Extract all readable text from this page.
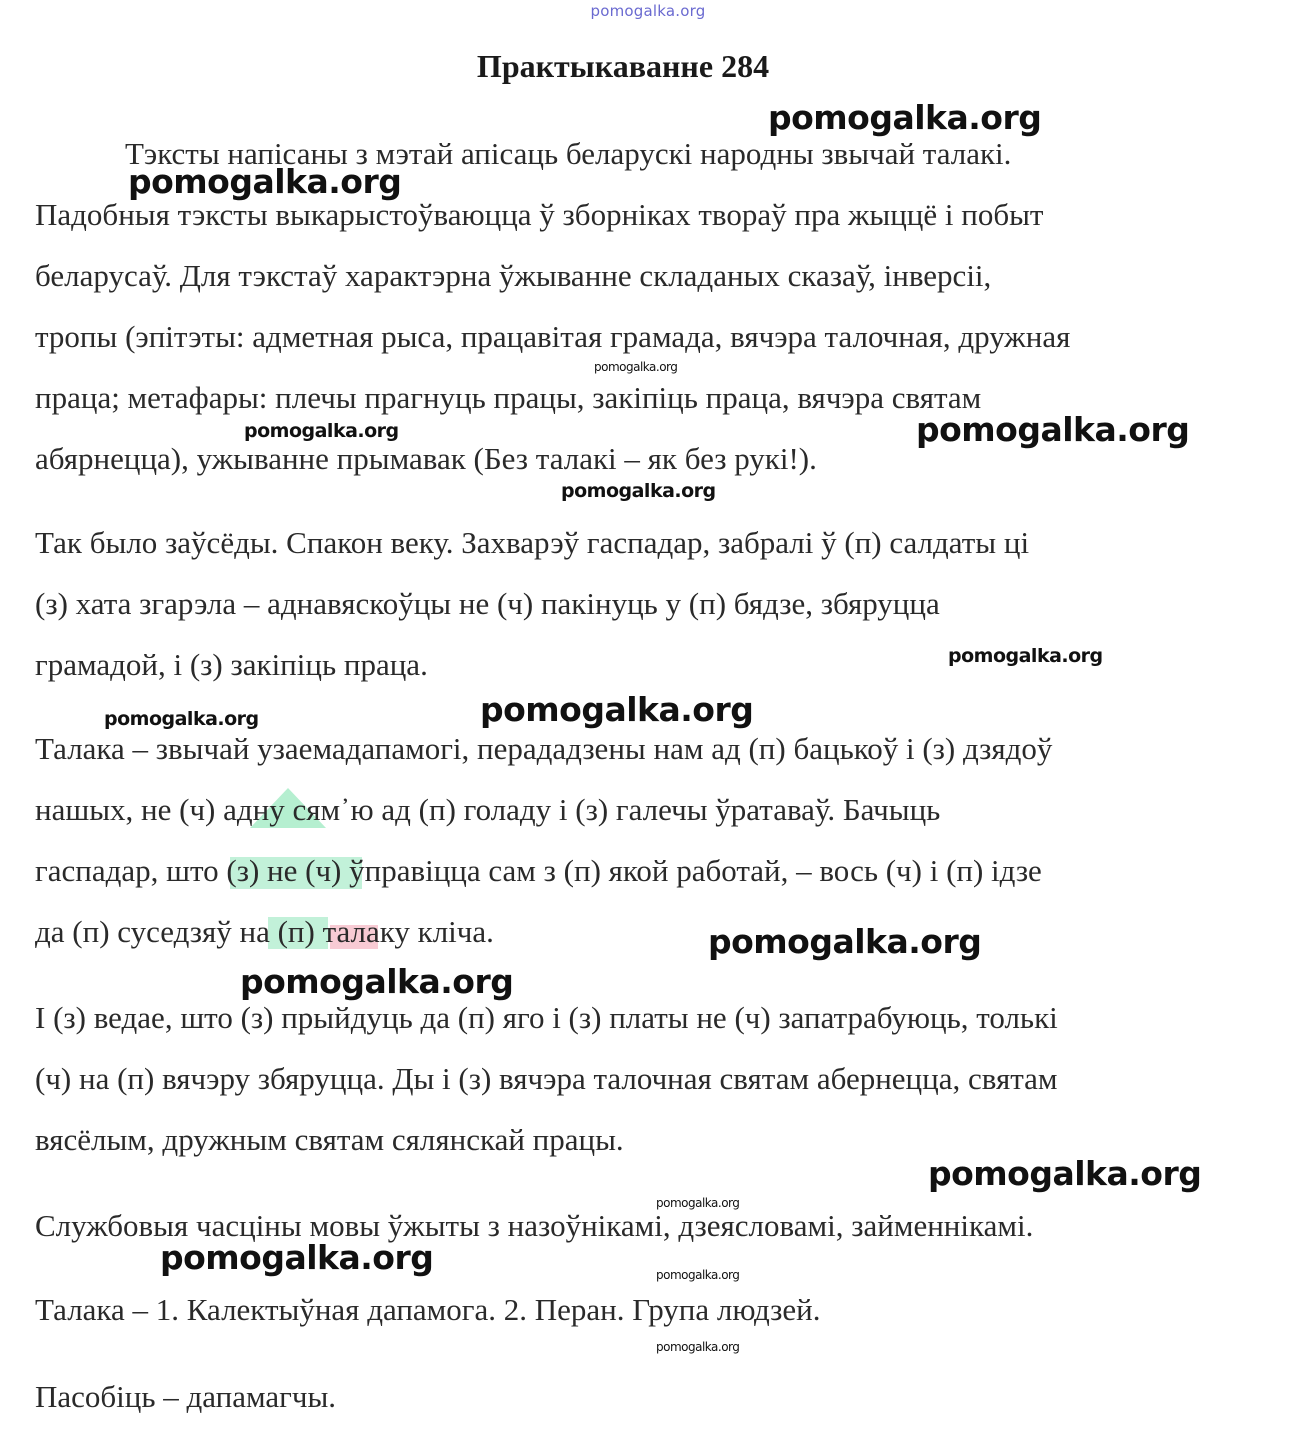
pomogalka.org
Практыкаванне 284
Тэксты напісаны з мэтай апісаць беларускі народны звычай талакі.
Падобныя тэксты выкарыстоўваюцца ў зборніках твораў пра жыццё і побыт
беларусаў. Для тэкстаў характэрна ўжыванне складаных сказаў, інверсіі,
тропы (эпітэты: адметная рыса, працавітая грамада, вячэра талочная, дружная
праца; метафары: плечы прагнуць працы, закіпіць праца, вячэра святам
абярнецца), ужыванне прымавак (Без талакі – як без рукі!).
Так было заўсёды. Спакон веку. Захварэў гаспадар, забралі ў (п) салдаты ці
(з) хата згарэла – аднавяскоўцы не (ч) пакінуць у (п) бядзе, збяруцца
грамадой, і (з) закіпіць праца.
Талака – звычай узаемадапамогі, перададзены нам ад (п) бацькоў і (з) дзядоў
нашых, не (ч) адну сям᾽ю ад (п) голаду і (з) галечы ўратаваў. Бачыць
гаспадар, што (з) не (ч) ўправіцца сам з (п) якой работай, – вось (ч) і (п) ідзе
да (п) суседзяў на (п) талаку кліча.
І (з) ведае, што (з) прыйдуць да (п) яго і (з) платы не (ч) запатрабуюць, толькі
(ч) на (п) вячэру збяруцца. Ды і (з) вячэра талочная святам абернецца, святам
вясёлым, дружным святам сялянскай працы.
Службовыя часціны мовы ўжыты з назоўнікамі, дзеясловамі, займеннікамі.
Талака – 1. Калектыўная дапамога. 2. Перан. Група людзей.
Пасобіць – дапамагчы.
pomogalka.org
pomogalka.org
pomogalka.org
pomogalka.org	pomogalka.org
pomogalka.org
pomogalka.org
pomogalka.org	pomogalka.org
pomogalka.org
pomogalka.org
pomogalka.org
pomogalka.org
pomogalka.org	pomogalka.org
pomogalka.org
